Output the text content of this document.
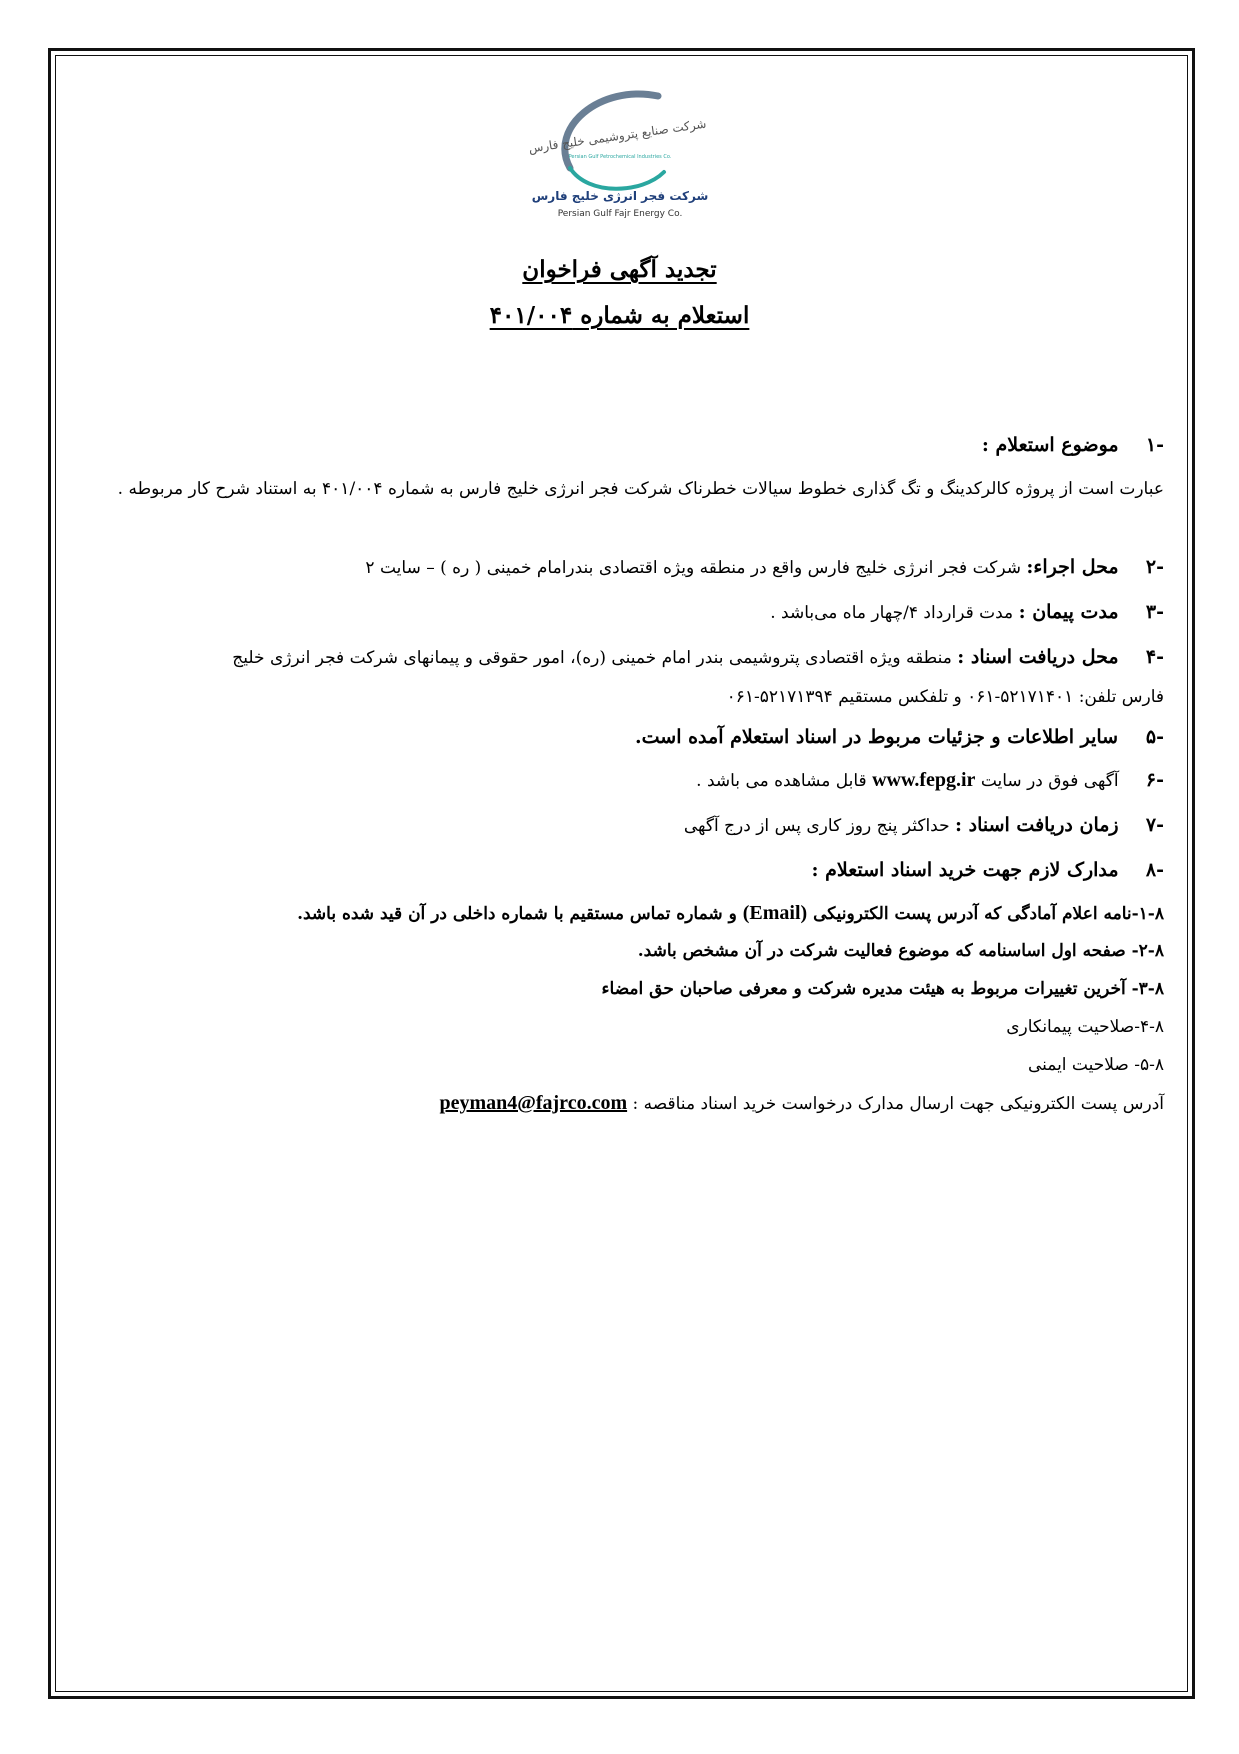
شرکت صنایع پتروشیمی خلیج فارس
Persian Gulf Petrochemical Industries Co.
شرکت فجر انرژی خلیج فارس
Persian Gulf Fajr Energy Co.
تجدید آگهی فراخوان
استعلام به شماره ۴۰۱/۰۰۴
-۱ موضوع استعلام :
عبارت است از پروژه کالرکدینگ و تگ گذاری خطوط سیالات خطرناک شرکت فجر انرژی خلیج فارس به شماره ۴۰۱/۰۰۴ به استناد شرح کار مربوطه .
-۲ محل اجراء: شرکت فجر انرژی خلیج فارس واقع در منطقه ویژه اقتصادی بندرامام خمینی ( ره ) – سایت ۲
-۳ مدت پیمان : مدت قرارداد ۴/چهار ماه می‌باشد .
-۴ محل دریافت اسناد : منطقه ویژه اقتصادی پتروشیمی بندر امام خمینی (ره)، امور حقوقی و پیمانهای شرکت فجر انرژی خلیج
فارس تلفن: ۵۲۱۷۱۴۰۱-۰۶۱ و تلفکس مستقیم ۵۲۱۷۱۳۹۴-۰۶۱
-۵ سایر اطلاعات و جزئیات مربوط در اسناد استعلام آمده است.
-۶ آگهی فوق در سایت www.fepg.ir قابل مشاهده می باشد .
-۷ زمان دریافت اسناد : حداکثر پنج روز کاری پس از درج آگهی
-۸ مدارک لازم جهت خرید اسناد استعلام :
۱-۸-نامه اعلام آمادگی که آدرس پست الکترونیکی (Email) و شماره تماس مستقیم با شماره داخلی در آن قید شده باشد.
۲-۸- صفحه اول اساسنامه که موضوع فعالیت شرکت در آن مشخص باشد.
۳-۸- آخرین تغییرات مربوط به هیئت مدیره شرکت و معرفی صاحبان حق امضاء
۴-۸-صلاحیت پیمانکاری
۵-۸- صلاحیت ایمنی
آدرس پست الکترونیکی جهت ارسال مدارک درخواست خرید اسناد مناقصه : peyman4@fajrco.com
